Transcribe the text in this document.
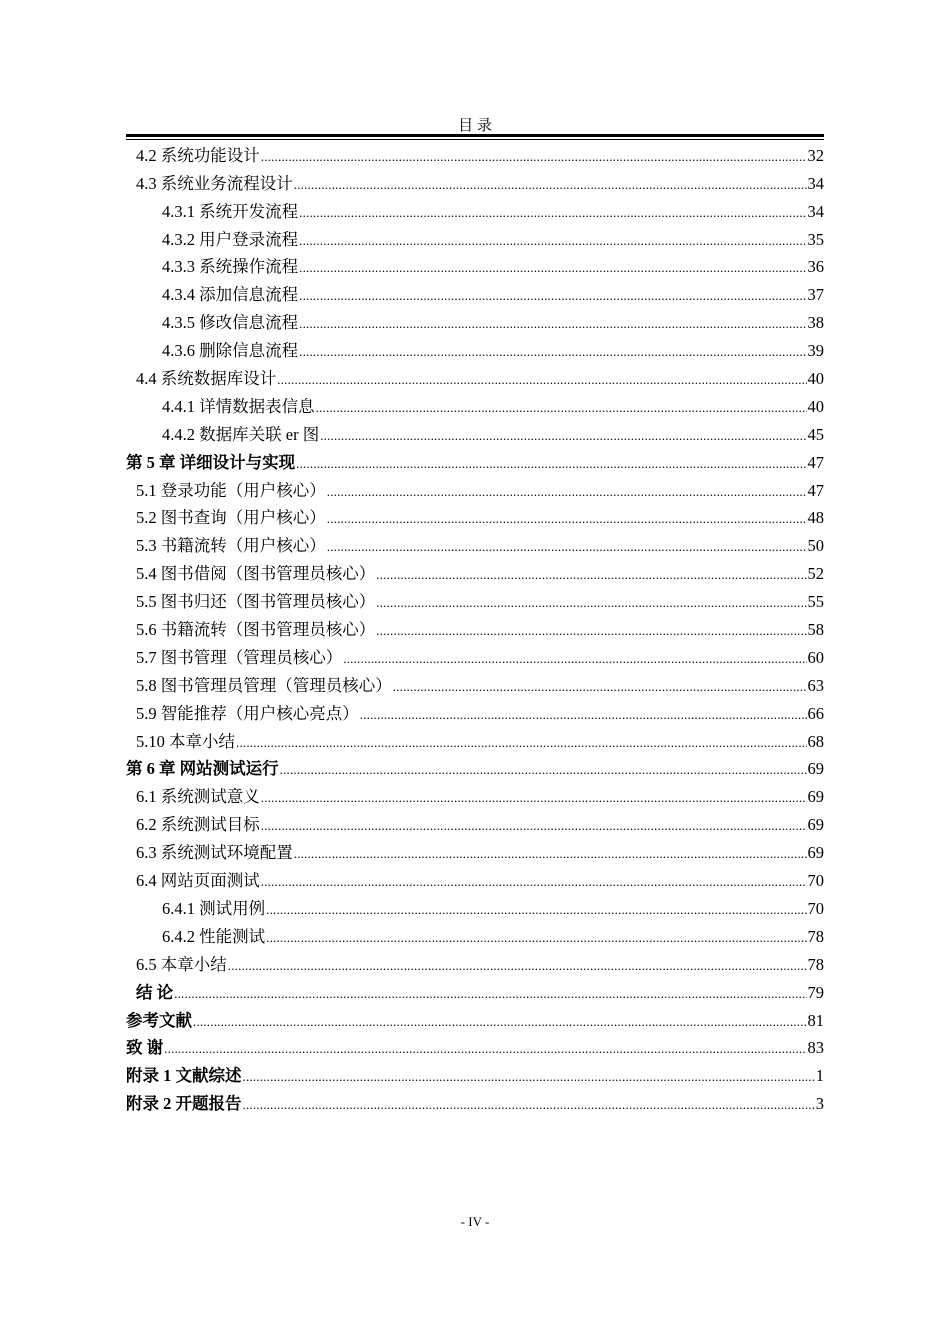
目 录
4.2 系统功能设计 .....	32
4.3 系统业务流程设计 .....	34
4.3.1 系统开发流程 .....	34
4.3.2 用户登录流程 .....	35
4.3.3 系统操作流程 .....	36
4.3.4 添加信息流程 .....	37
4.3.5 修改信息流程 .....	38
4.3.6 删除信息流程 .....	39
4.4 系统数据库设计 .....	40
4.4.1 详情数据表信息 .....	40
4.4.2 数据库关联 er 图 .....	45
第 5 章 详细设计与实现 .....	47
5.1 登录功能（用户核心） .....	47
5.2 图书查询（用户核心） .....	48
5.3 书籍流转（用户核心） .....	50
5.4 图书借阅（图书管理员核心） .....	52
5.5 图书归还（图书管理员核心） .....	55
5.6 书籍流转（图书管理员核心） .....	58
5.7 图书管理（管理员核心） .....	60
5.8 图书管理员管理（管理员核心） .....	63
5.9 智能推荐（用户核心亮点） .....	66
5.10 本章小结 .....	68
第 6 章 网站测试运行 .....	69
6.1 系统测试意义 .....	69
6.2 系统测试目标 .....	69
6.3 系统测试环境配置 .....	69
6.4 网站页面测试 .....	70
6.4.1 测试用例 .....	70
6.4.2 性能测试 .....	78
6.5 本章小结 .....	78
结 论 .....	79
参考文献 .....	81
致 谢 .....	83
附录 1 文献综述 .....	1
附录 2 开题报告 .....	3
- IV -
